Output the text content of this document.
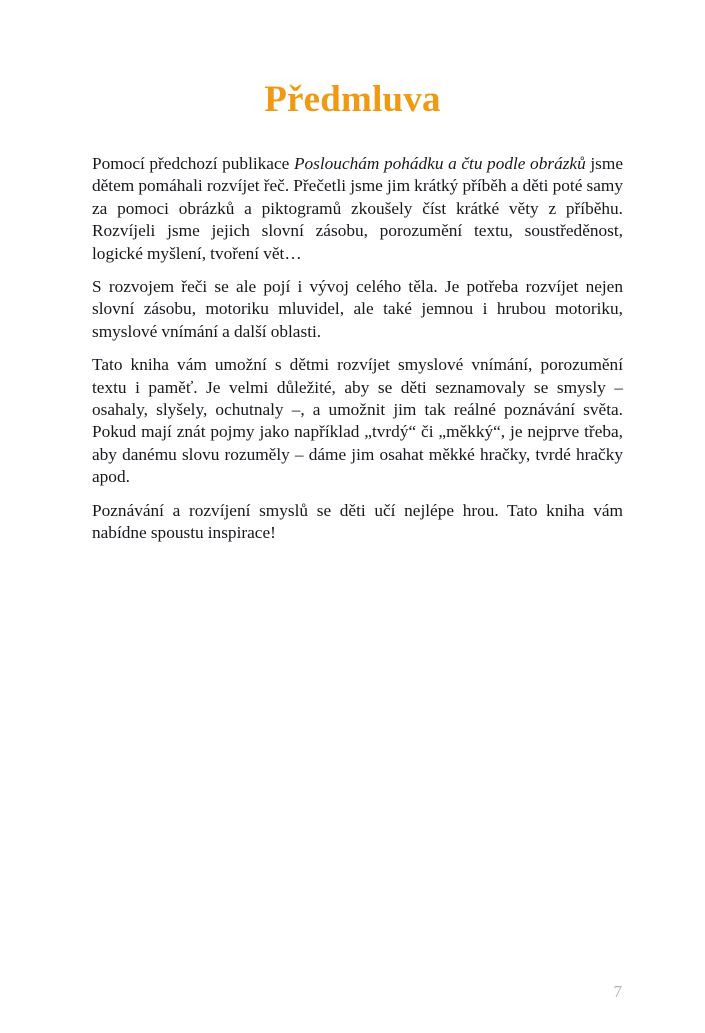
Předmluva

Pomocí předchozí publikace Poslouchám pohádku a čtu podle obrázků jsme dětem pomáhali rozvíjet řeč. Přečetli jsme jim krátký příběh a děti poté samy za pomoci obrázků a piktogramů zkoušely číst krátké věty z příběhu. Rozvíjeli jsme jejich slovní zásobu, porozumění textu, soustředěnost, logické myšlení, tvoření vět…

S rozvojem řeči se ale pojí i vývoj celého těla. Je potřeba rozvíjet nejen slovní zásobu, motoriku mluvidel, ale také jemnou i hrubou motoriku, smyslové vnímání a další oblasti.

Tato kniha vám umožní s dětmi rozvíjet smyslové vnímání, porozumění textu i paměť. Je velmi důležité, aby se děti seznamovaly se smysly – osahaly, slyšely, ochutnaly –, a umožnit jim tak reálné poznávání světa. Pokud mají znát pojmy jako například „tvrdý“ či „měkký“, je nejprve třeba, aby danému slovu rozuměly – dáme jim osahat měkké hračky, tvrdé hračky apod.

Poznávání a rozvíjení smyslů se děti učí nejlépe hrou. Tato kniha vám nabídne spoustu inspirace!

7
